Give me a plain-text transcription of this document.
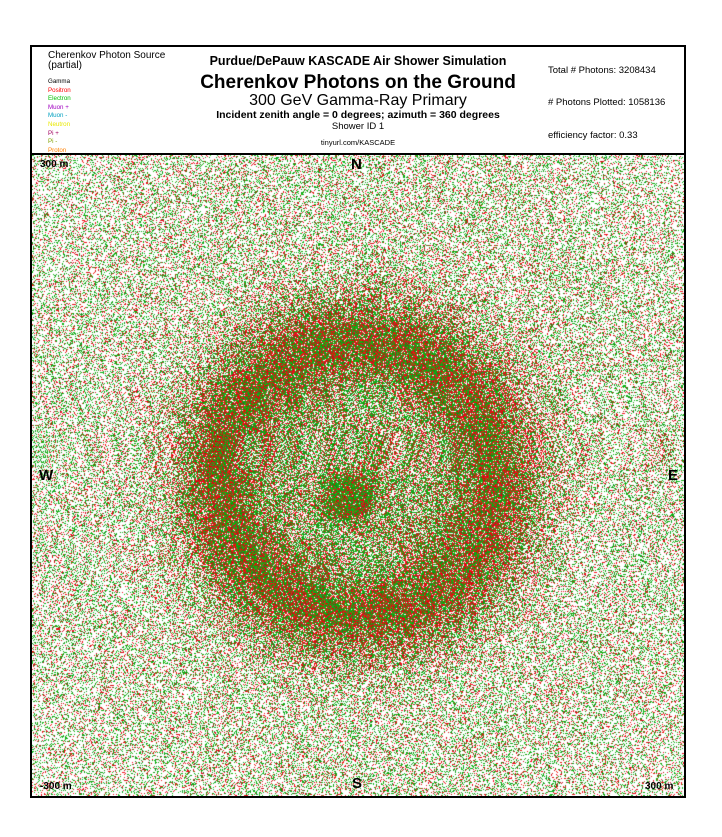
Cherenkov Photon Source
(partial)
Gamma
Positron
Electron
Muon +
Muon -
Neutron
Pi +
Pi -
Proton
Purdue/DePauw KASCADE Air Shower Simulation
Cherenkov Photons on the Ground
300 GeV Gamma-Ray Primary
Incident zenith angle = 0 degrees; azimuth = 360 degrees
Shower ID 1
tinyurl.com/KASCADE
Total # Photons: 3208434
# Photons Plotted: 1058136
efficiency factor: 0.33
N
S
W	E
300 m
-300 m	300 m
